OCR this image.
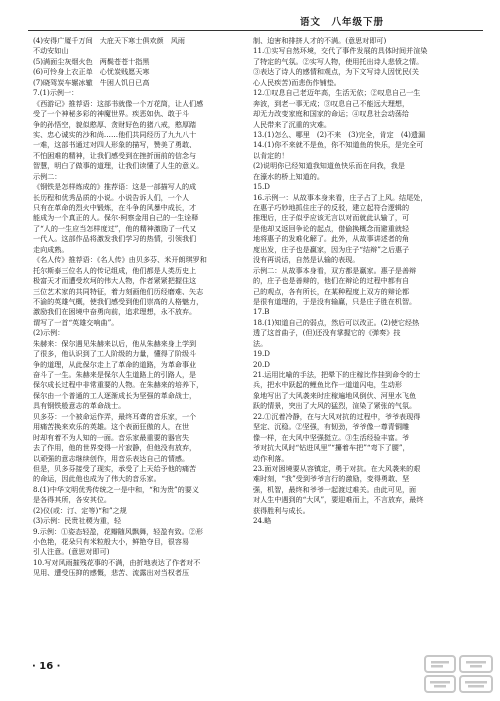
语文　 八年级下册
(4)安得广厦千万间　大庇天下寒士俱欢颜　风雨
不动安如山
(5)满面尘灰烟火色　两鬓苍苍十指黑
(6)可怜身上衣正单　心忧炭贱愿天寒
(7)晓驾炭车辗冰辙　牛困人饥日已高
7.(1)示例一：
《西游记》推荐语：这部书就像一个万花筒，让人们感
受了一个神秘多彩的神魔世界。疾恶如仇、敢于斗
争的孙悟空，貌似憨厚、贪财好色的猪八戒，憨厚踏
实、忠心诚实的沙和尚……他们共同经历了九九八十
一难，这部书通过对四人形象的描写，赞美了勇敢、
不怕困难的精神，让我们感受到在挫折面前的信念与
智慧，明白了做事的道理，让我们读懂了人生的意义。
示例二：
《钢铁是怎样炼成的》推荐语：这是一部描写人的成
长历程和优秀品质的小说。小说告诉人们，一个人
只有在革命的烈火中锻炼，在斗争的风暴中成长，才
能成为一个真正的人。保尔·柯察金用自己的一生诠释
了“人的一生应当怎样度过”，他的精神激励了一代又
一代人。这部作品将激发我们学习的热情，引领我们
走向成熟。
《名人传》推荐语：《名人传》由贝多芬、米开朗琪罗和
托尔斯泰三位名人的传记组成，他们都是人类历史上
极富天才而遭受坎坷的伟大人物，作者紧紧把握住这
三位艺术家的共同特征，着力刻画他们历经磨难、矢志
不渝的英雄气概，使我们感受到他们崇高的人格魅力，
激励我们在困境中奋勇向前，追求理想，永不放弃。
谓写了一首“英雄交响曲”。
(2)示例：
朱赫来：保尔遇见朱赫来以后，他从朱赫来身上学到
了很多，他认识到了工人阶级的力量，懂得了阶级斗
争的道理，从此保尔走上了革命的道路，为革命事业
奋斗了一生。朱赫来是保尔人生道路上的引路人，是
保尔成长过程中非常重要的人物。在朱赫来的培养下，
保尔由一个普通的工人逐渐成长为坚强的革命战士，
具有钢铁般意志的革命战士。
贝多芬：一个被命运作弄，最终耳聋的音乐家，一个
用痛苦换来欢乐的英雄。这个表面狂傲的人，在世
时却有着不为人知的一面。音乐家最重要的器官失
去了作用，他的世界变得一片寂静，但他没有放弃，
以顽强的意志继续创作，用音乐表达自己的情感。
但是，贝多芬接受了现实，承受了上天给予他的痛苦
的命运，因此他也成为了伟大的音乐家。
8.(1)中华文明优秀传统之一是中和，“和为贵”的要义
是各得其所，各安其位。
(2)仪(或：汀、定等)“和”之规
(3)示例：民贵社稷为重，轻
9.示例：①姿态轻盈，花瓣随风飘舞，轻盈有致。②形
小色艳，花朵只有米粒般大小，鲜艳夺目，很容易
引人注意。(意思对即可)
10.写对风雨摧残花事的不满，由折地表达了作者对不
见用、遭受压抑的感慨，悲苦、流露出对当权者压
制、迫害和排挤人才的不满。(意思对即可)
11.①实写自然环境，交代了事件发展的具体时间并渲染
了特定的气氛。②实写人物，使用托出诗人悲愤之情。
③表达了诗人的感情和观点，为下文写诗人因忧民(关
心人民疾苦)而悲伤作铺垫。
12.①叹息自己老迈年高，生活无依；②叹息自己一生
奔波，到老一事无成；③叹息自己不能远大理想，
却无力改变家庭和国家的命运；④叹息社会动荡给
人民带来了沉重的灾难。
13.(1)怎么、哪里　(2)不来　(3)完全，肯定　(4)遗漏
14.(1)你不来就不是鱼，你不知道鱼的快乐，是完全可
以肯定的！
(2)说明你已经知道我知道鱼快乐而在问我，我是
在濠水的桥上知道的。
15.D
16.示例一：从故事本身来看，庄子占了上风。结尾处，
在惠子巧妙地抓住庄子的反驳，建立起符合逻辑的
推理后，庄子似乎应该无言以对而就此认输了，可
是他却又返回争论的起点，借偷换概念而避重就轻
地将惠子的发难化解了。此外，从故事讲述者的角
度出发，庄子也是赢家，因为庄子“结辩”之后惠子
没有再说话，自然是认输的表现。
示例二：从故事本身看，双方都是赢家。惠子是善辩
的，庄子也是善辩的，他们在辩论的过程中都有自
己的观点，各有所长，在某种程度上双方的辩论都
是很有道理的，于是没有输赢，只是庄子胜在机智。
17.B
18.(1)知道自己的弱点，然后可以改正。(2)使它经热
透了这首曲子，(但)还没有掌握它的《弹奏》技
法。
19.D
20.D
21.运用比喻的手法，把晕下的庄稼比作挂到命令的士
兵，把水中跃起的鲤鱼比作一道道闪电，生动形
象地写出了大风袭来时庄稼遍地风倒伏、河里水飞鱼
跃的情景，突出了大风的猛烈，渲染了紧张的气氛。
22.①沉着冷静，在与大风对抗的过程中，爷爷表现得
坚定、沉稳。②坚强，有韧劲，爷爷像一尊青铜雕
像一样，在大风中坚强挺立。③生活经验丰富。爷
爷对抗大风时“钻进风里”“攥着车把”“弯下了腰”，
动作利落。
23.面对困境要从容镇定，勇于对抗。在大风袭来的艰
难时刻，“我”受到爷爷言行的激励，变得勇敢、坚
强，机智，最终和爷爷一起渡过难关。由此可见，面
对人生中遇到的“大风”，要迎难而上，不言放弃，最终
获得胜利与成长。
24.略
· 16 ·
